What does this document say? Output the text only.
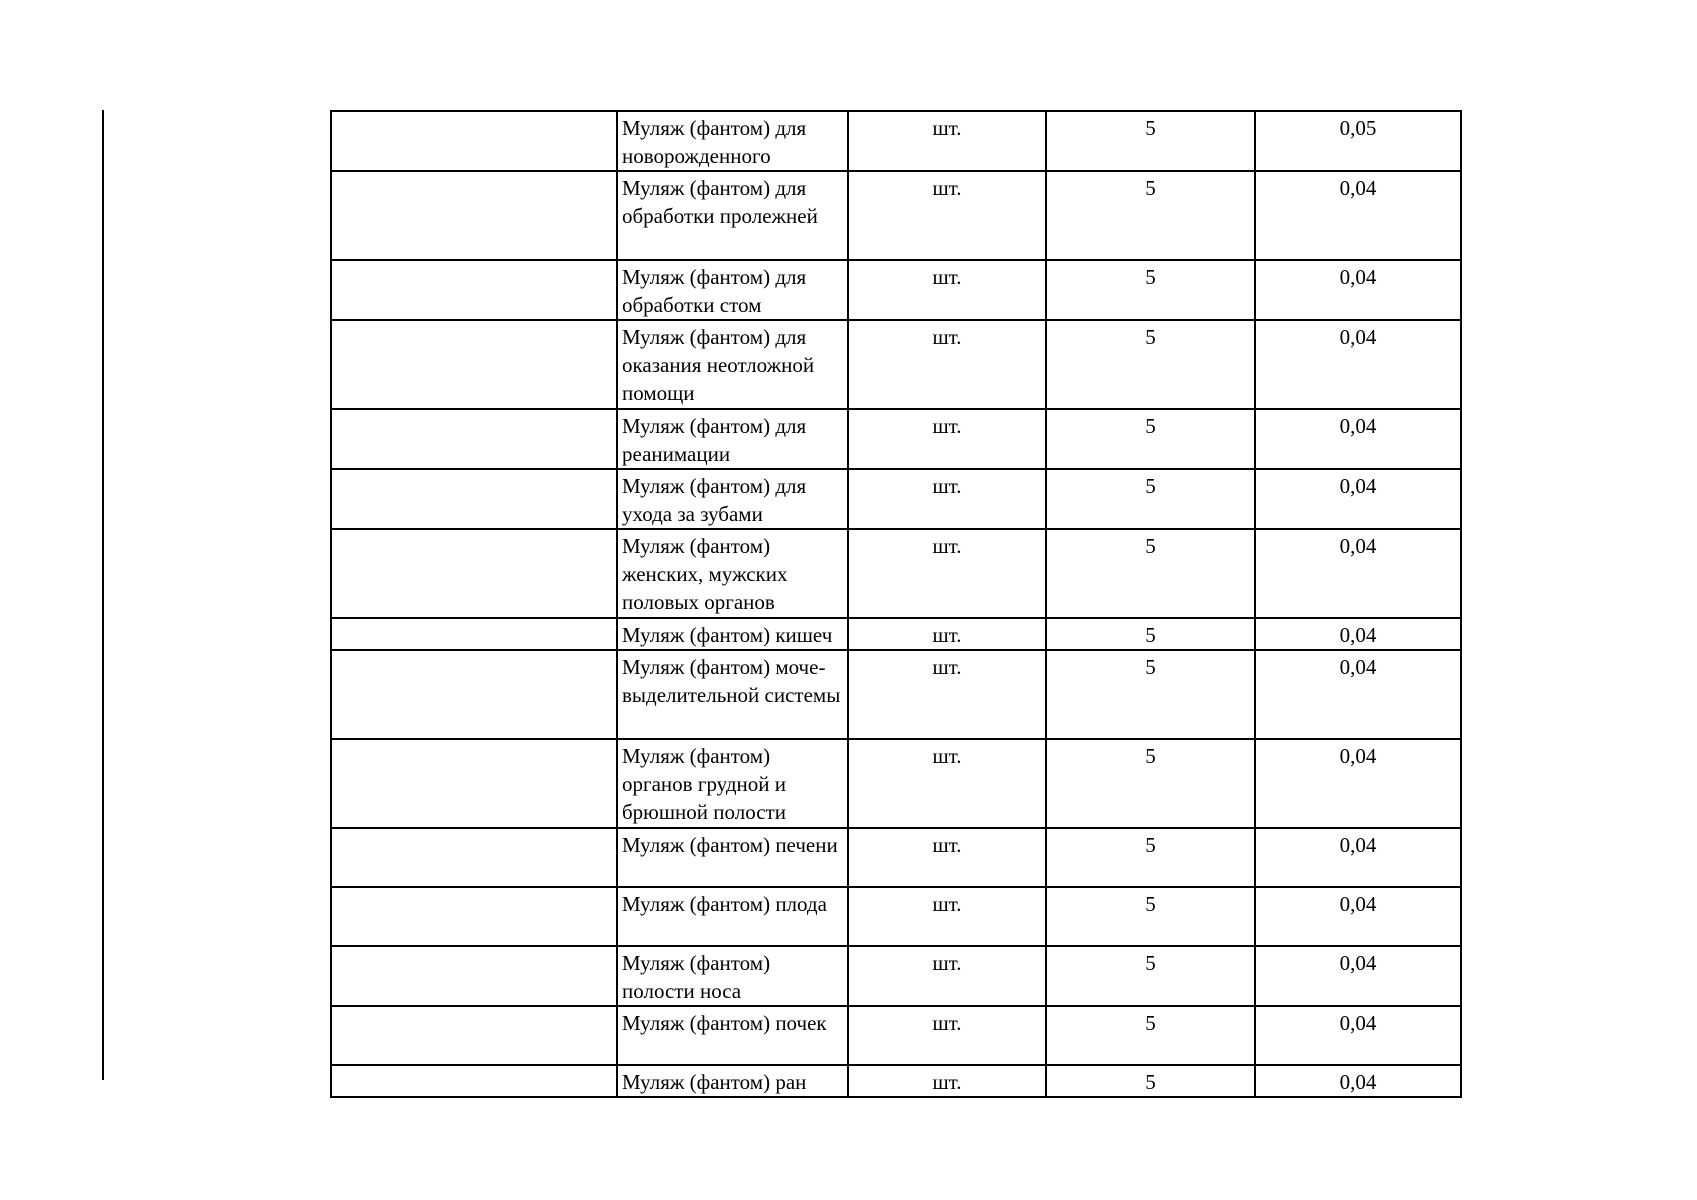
	Муляж (фантом) для новорожденного	шт.	5	0,05
	Муляж (фантом) для обработки пролежней	шт.	5	0,04
	Муляж (фантом) для обработки стом	шт.	5	0,04
	Муляж (фантом) для оказания неотложной помощи	шт.	5	0,04
	Муляж (фантом) для реанимации	шт.	5	0,04
	Муляж (фантом) для ухода за зубами	шт.	5	0,04
	Муляж (фантом) женских, мужских половых органов	шт.	5	0,04
	Муляж (фантом) кишеч	шт.	5	0,04
	Муляж (фантом) моче-выделительной системы	шт.	5	0,04
	Муляж (фантом) органов грудной и брюшной полости	шт.	5	0,04
	Муляж (фантом) печени	шт.	5	0,04
	Муляж (фантом) плода	шт.	5	0,04
	Муляж (фантом) полости носа	шт.	5	0,04
	Муляж (фантом) почек	шт.	5	0,04
	Муляж (фантом) ран	шт.	5	0,04
